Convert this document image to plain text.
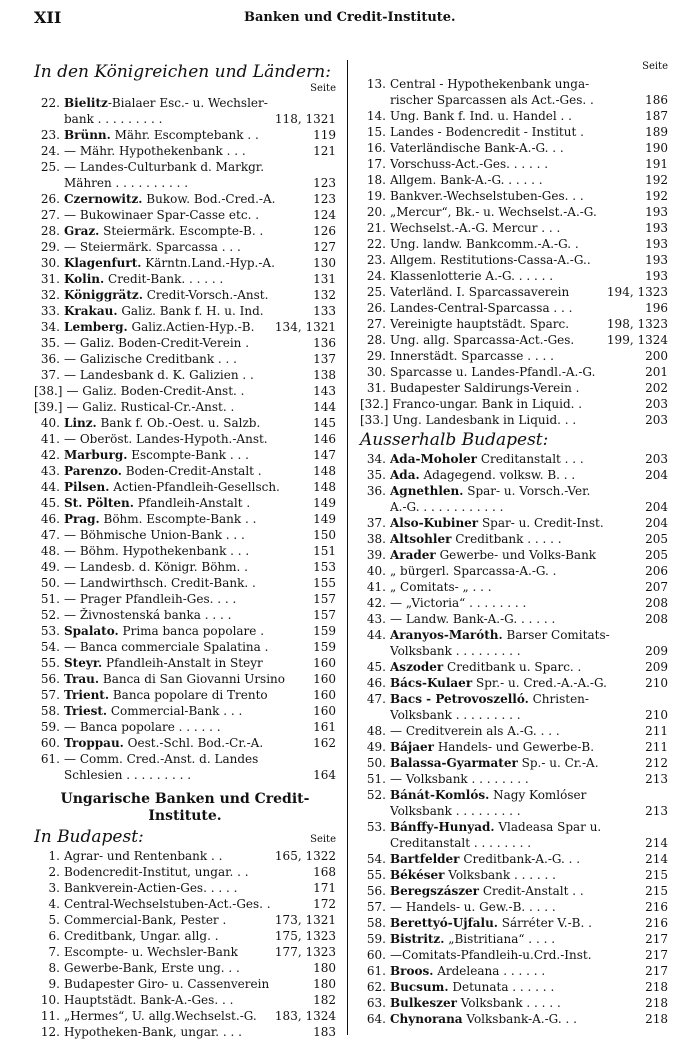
XII	Banken und Credit-Institute.
In den Königreichen und Ländern:
Seite
22. Bielitz-Bialaer Esc.- u. Wechsler-
bank . . . . . . . . .	118, 1321
23. Brünn. Mähr. Escomptebank . .	119
24. — Mähr. Hypothekenbank . . .	121
25. — Landes-Culturbank d. Markgr.
Mähren . . . . . . . . . .	123
26. Czernowitz. Bukow. Bod.-Cred.-A.	123
27. — Bukowinaer Spar-Casse etc. .	124
28. Graz. Steiermärk. Escompte-B. .	126
29. — Steiermärk. Sparcassa . . .	127
30. Klagenfurt. Kärntn.Land.-Hyp.-A.	130
31. Kolin. Credit-Bank. . . . . .	131
32. Königgrätz. Credit-Vorsch.-Anst.	132
33. Krakau. Galiz. Bank f. H. u. Ind.	133
34. Lemberg. Galiz.Actien-Hyp.-B.	134, 1321
35. — Galiz. Boden-Credit-Verein .	136
36. — Galizische Creditbank . . .	137
37. — Landesbank d. K. Galizien . .	138
[38.] — Galiz. Boden-Credit-Anst. .	143
[39.] — Galiz. Rustical-Cr.-Anst. .	144
40. Linz. Bank f. Ob.-Oest. u. Salzb.	145
41. — Oberöst. Landes-Hypoth.-Anst.	146
42. Marburg. Escompte-Bank . . .	147
43. Parenzo. Boden-Credit-Anstalt .	148
44. Pilsen. Actien-Pfandleih-Gesellsch.	148
45. St. Pölten. Pfandleih-Anstalt .	149
46. Prag. Böhm. Escompte-Bank . .	149
47. — Böhmische Union-Bank . . .	150
48. — Böhm. Hypothekenbank . . .	151
49. — Landesb. d. Königr. Böhm. .	153
50. — Landwirthsch. Credit-Bank. .	155
51. — Prager Pfandleih-Ges. . . .	157
52. — Živnostenská banka . . . .	157
53. Spalato. Prima banca popolare .	159
54. — Banca commerciale Spalatina .	159
55. Steyr. Pfandleih-Anstalt in Steyr	160
56. Trau. Banca di San Giovanni Ursino	160
57. Trient. Banca popolare di Trento	160
58. Triest. Commercial-Bank . . .	160
59. — Banca popolare . . . . . .	161
60. Troppau. Oest.-Schl. Bod.-Cr.-A.	162
61. — Comm. Cred.-Anst. d. Landes
Schlesien . . . . . . . . .	164
Ungarische Banken und Credit-
Institute.
In Budapest:	Seite
1. Agrar- und Rentenbank . .	165, 1322
2. Bodencredit-Institut, ungar. . .	168
3. Bankverein-Actien-Ges. . . . .	171
4. Central-Wechselstuben-Act.-Ges. .	172
5. Commercial-Bank, Pester .	173, 1321
6. Creditbank, Ungar. allg. .	175, 1323
7. Escompte- u. Wechsler-Bank	177, 1323
8. Gewerbe-Bank, Erste ung. . .	180
9. Budapester Giro- u. Cassenverein	180
10. Hauptstädt. Bank-A.-Ges. . .	182
11. „Hermes“, U. allg.Wechselst.-G.	183, 1324
12. Hypotheken-Bank, ungar. . . .	183
Seite
13. Central - Hypothekenbank unga-
rischer Sparcassen als Act.-Ges. .	186
14. Ung. Bank f. Ind. u. Handel . .	187
15. Landes - Bodencredit - Institut .	189
16. Vaterländische Bank-A.-G. . .	190
17. Vorschuss-Act.-Ges. . . . . .	191
18. Allgem. Bank-A.-G. . . . . .	192
19. Bankver.-Wechselstuben-Ges. . .	192
20. „Mercur“, Bk.- u. Wechselst.-A.-G.	193
21. Wechselst.-A.-G. Mercur . . .	193
22. Ung. landw. Bankcomm.-A.-G. .	193
23. Allgem. Restitutions-Cassa-A.-G..	193
24. Klassenlotterie A.-G. . . . . .	193
25. Vaterländ. I. Sparcassaverein	194, 1323
26. Landes-Central-Sparcassa . . .	196
27. Vereinigte hauptstädt. Sparc.	198, 1323
28. Ung. allg. Sparcassa-Act.-Ges.	199, 1324
29. Innerstädt. Sparcasse . . . .	200
30. Sparcasse u. Landes-Pfandl.-A.-G.	201
31. Budapester Saldirungs-Verein .	202
[32.] Franco-ungar. Bank in Liquid. .	203
[33.] Ung. Landesbank in Liquid. . .	203
Ausserhalb Budapest:
34. Ada-Moholer Creditanstalt . . .	203
35. Ada. Adagegend. volksw. B. . .	204
36. Agnethlen. Spar- u. Vorsch.-Ver.
A.-G. . . . . . . . . . . .	204
37. Also-Kubiner Spar- u. Credit-Inst.	204
38. Altsohler Creditbank . . . . .	205
39. Arader Gewerbe- und Volks-Bank	205
40. „ bürgerl. Sparcassa-A.-G. .	206
41. „ Comitats- „ . . .	207
42. — „Victoria“ . . . . . . . .	208
43. — Landw. Bank-A.-G. . . . . .	208
44. Aranyos-Maróth. Barser Comitats-
Volksbank . . . . . . . . .	209
45. Aszoder Creditbank u. Sparc. .	209
46. Bács-Kulaer Spr.- u. Cred.-A.-A.-G.	210
47. Bacs - Petrovoszelló. Christen-
Volksbank . . . . . . . . .	210
48. — Creditverein als A.-G. . . .	211
49. Bájaer Handels- und Gewerbe-B.	211
50. Balassa-Gyarmater Sp.- u. Cr.-A.	212
51. — Volksbank . . . . . . . .	213
52. Bánát-Komlós. Nagy Komlóser
Volksbank . . . . . . . . .	213
53. Bánffy-Hunyad. Vladeasa Spar u.
Creditanstalt . . . . . . . .	214
54. Bartfelder Creditbank-A.-G. . .	214
55. Békéser Volksbank . . . . . .	215
56. Beregszászer Credit-Anstalt . .	215
57. — Handels- u. Gew.-B. . . . .	216
58. Berettyó-Ujfalu. Sárréter V.-B. .	216
59. Bistritz. „Bistritiana“ . . . .	217
60. —Comitats-Pfandleih-u.Crd.-Inst.	217
61. Broos. Ardeleana . . . . . .	217
62. Bucsum. Detunata . . . . . .	218
63. Bulkeszer Volksbank . . . . .	218
64. Chynorana Volksbank-A.-G. . .	218
